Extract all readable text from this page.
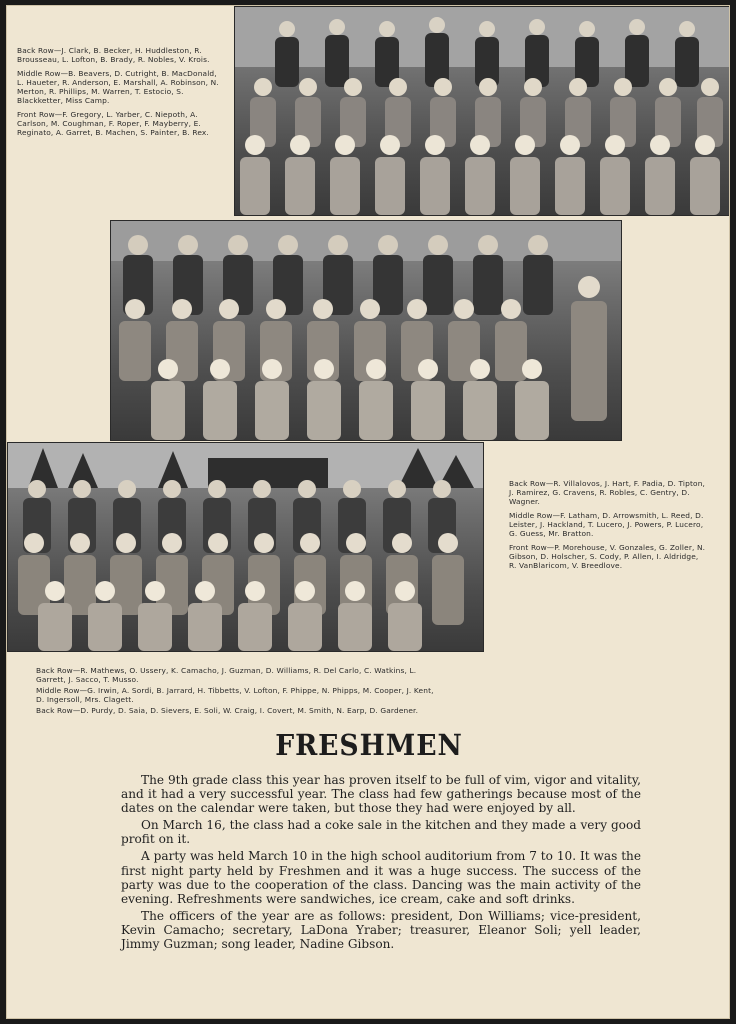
Back Row—J. Clark, B. Becker, H. Huddleston, R. Brousseau, L. Lofton, B. Brady, R. Nobles, V. Krois.

Middle Row—B. Beavers, D. Cutright, B. MacDonald, L. Haueter, R. Anderson, E. Marshall, A. Robinson, N. Merton, R. Phillips, M. Warren, T. Estocio, S. Blackketter, Miss Camp.

Front Row—F. Gregory, L. Yarber, C. Niepoth, A. Carlson, M. Coughman, F. Roper, F. Mayberry, E. Reginato, A. Garret, B. Machen, S. Painter, B. Rex.

Back Row—R. Villalovos, J. Hart, F. Padia, D. Tipton, J. Ramirez, G. Cravens, R. Robles, C. Gentry, D. Wagner.

Middle Row—F. Latham, D. Arrowsmith, L. Reed, D. Leister, J. Hackland, T. Lucero, J. Powers, P. Lucero, G. Guess, Mr. Bratton.

Front Row—P. Morehouse, V. Gonzales, G. Zoller, N. Gibson, D. Holscher, S. Cody, P. Allen, I. Aldridge, R. VanBlaricom, V. Breedlove.

Back Row—R. Mathews, O. Ussery, K. Camacho, J. Guzman, D. Williams, R. Del Carlo, C. Watkins, L. Garrett, J. Sacco, T. Musso.

Middle Row—G. Irwin, A. Sordi, B. Jarrard, H. Tibbetts, V. Lofton, F. Phippe, N. Phipps, M. Cooper, J. Kent, D. Ingersoll, Mrs. Clagett.

Back Row—D. Purdy, D. Saia, D. Sievers, E. Soli, W. Craig, I. Covert, M. Smith, N. Earp, D. Gardener.

FRESHMEN

The 9th grade class this year has proven itself to be full of vim, vigor and vitality, and it had a very successful year. The class had few gatherings because most of the dates on the calendar were taken, but those they had were enjoyed by all.

On March 16, the class had a coke sale in the kitchen and they made a very good profit on it.

A party was held March 10 in the high school auditorium from 7 to 10. It was the first night party held by Freshmen and it was a huge success. The success of the party was due to the cooperation of the class. Dancing was the main activity of the evening. Refreshments were sandwiches, ice cream, cake and soft drinks.

The officers of the year are as follows: president, Don Williams; vice-president, Kevin Camacho; secretary, LaDona Yraber; treasurer, Eleanor Soli; yell leader, Jimmy Guzman; song leader, Nadine Gibson.
